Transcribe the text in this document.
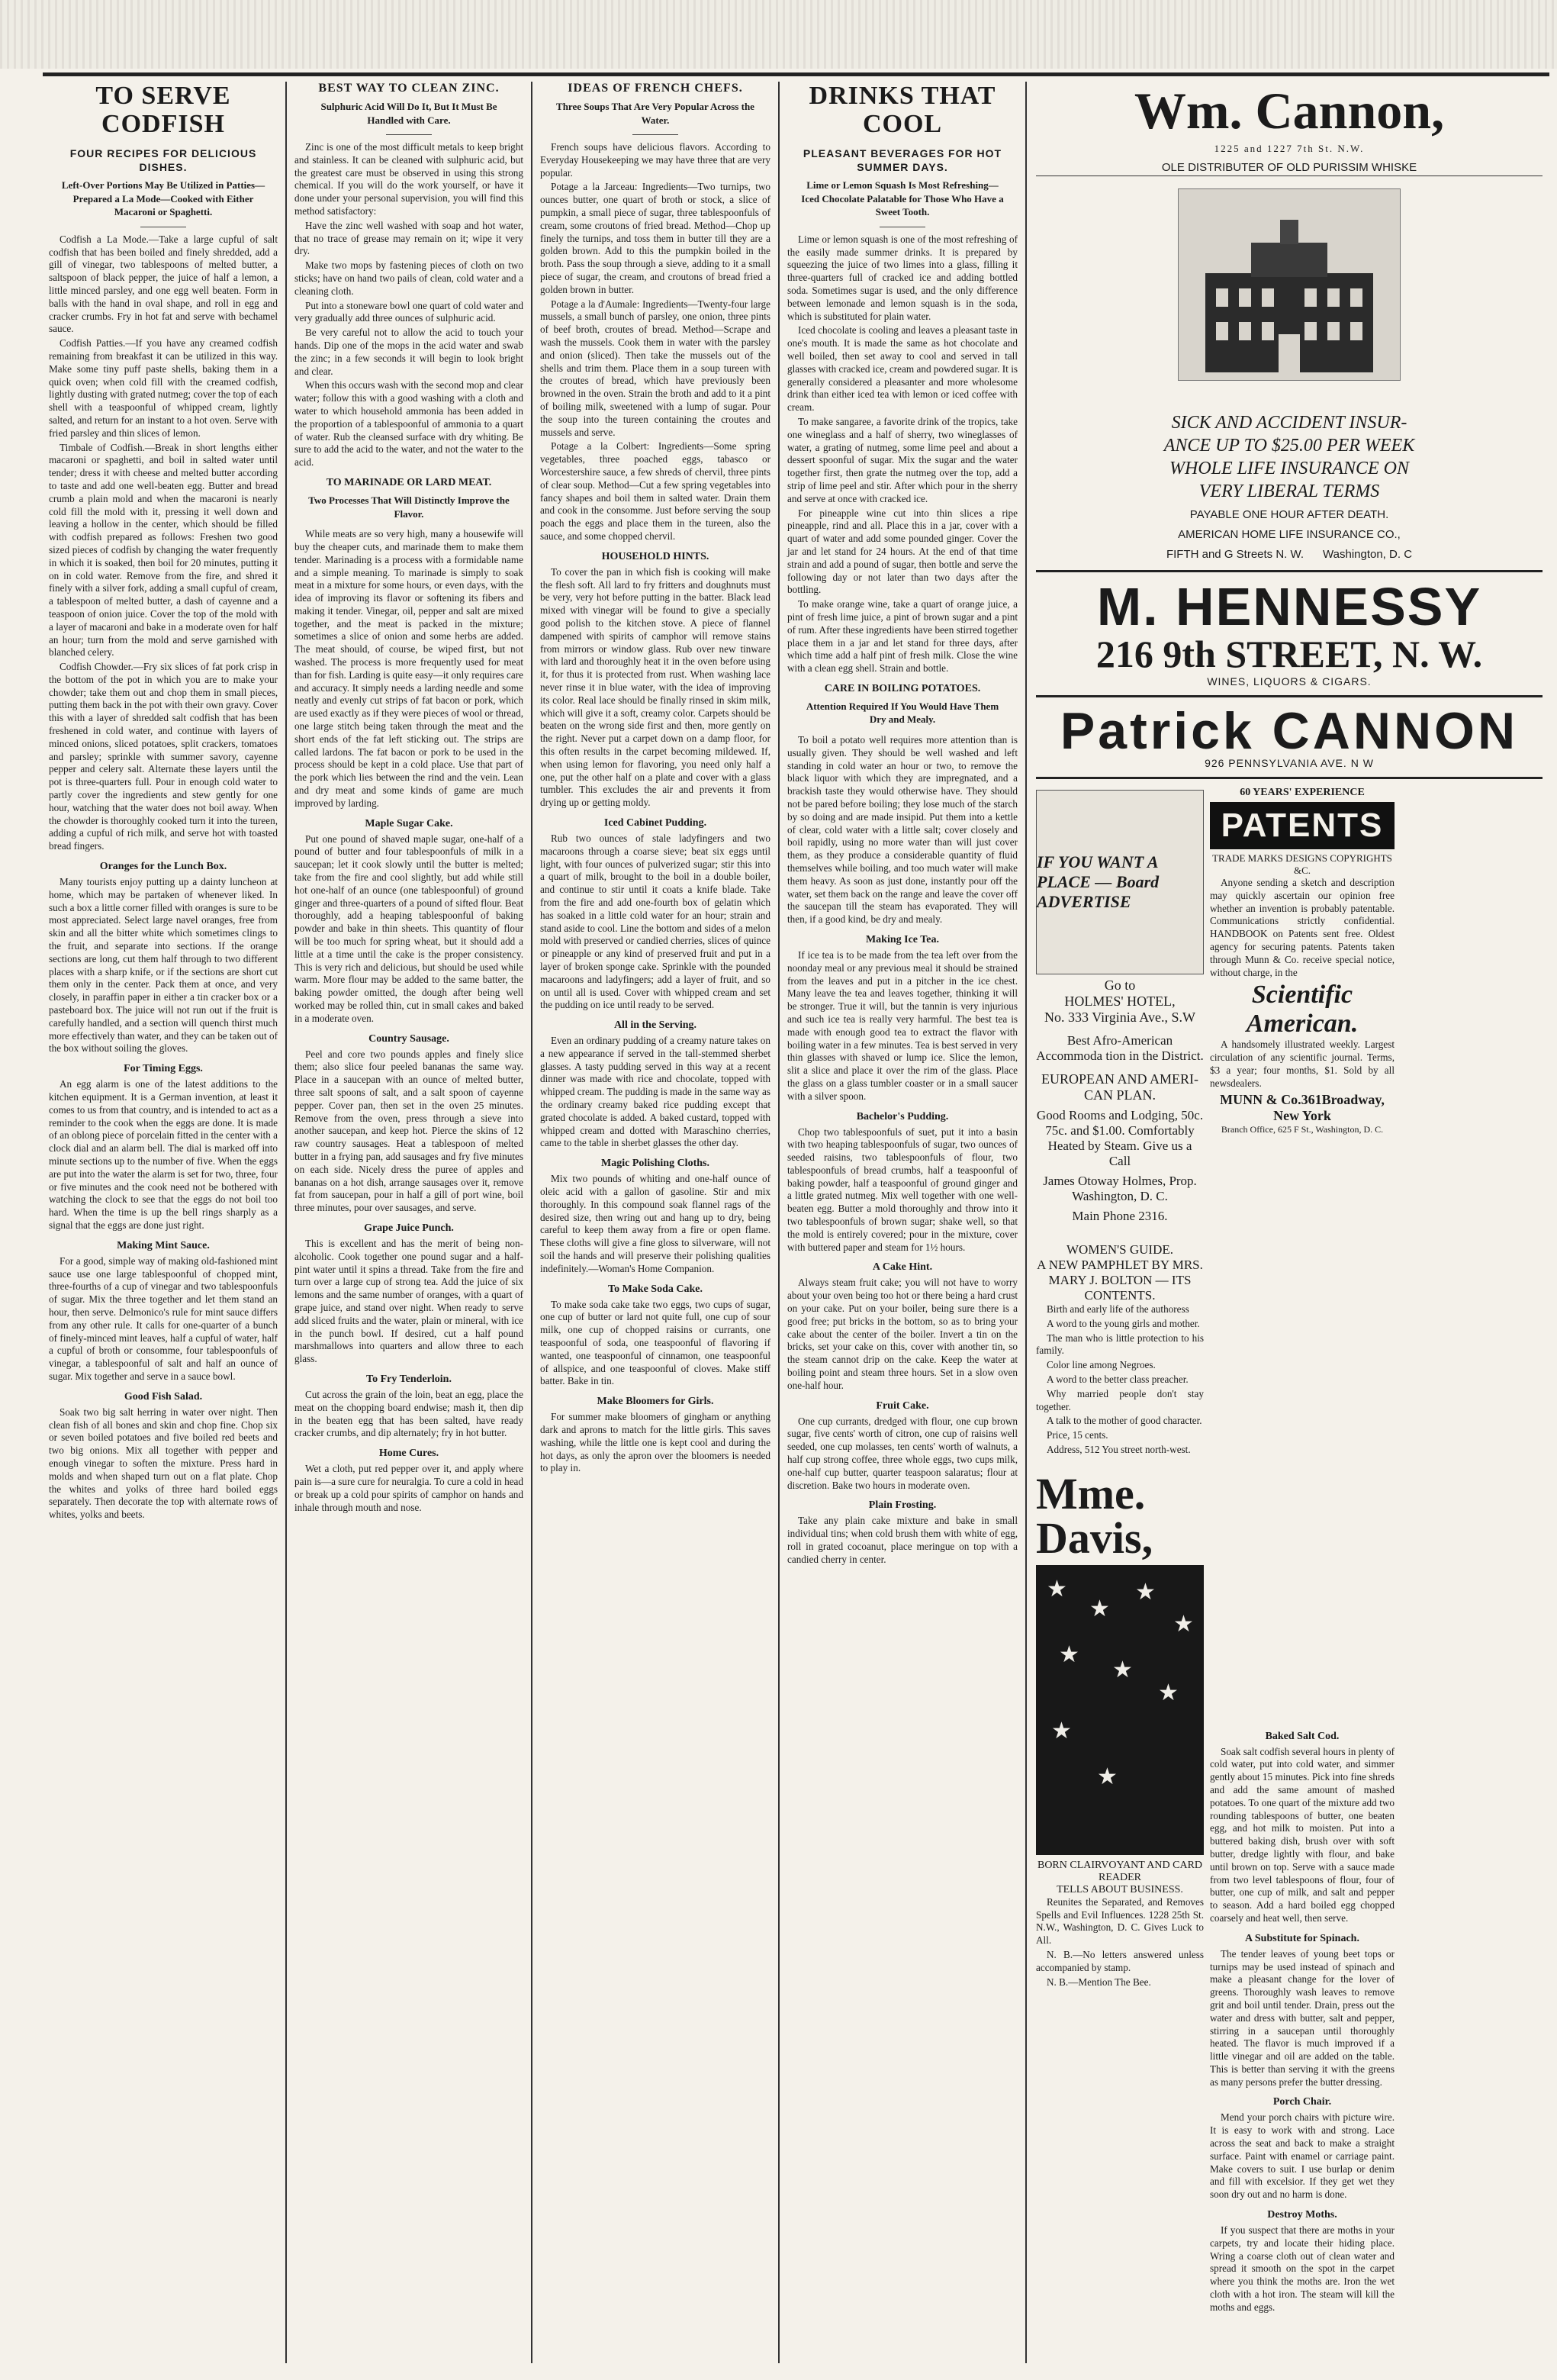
TO SERVE CODFISH
FOUR RECIPES FOR DELICIOUS DISHES.
Left-Over Portions May Be Utilized in Patties—Prepared a La Mode—Cooked with Either Macaroni or Spaghetti.

Codfish a La Mode.—Take a large cupful of salt codfish that has been boiled and finely shredded, add a gill of vinegar, two tablespoons of melted butter, a saltspoon of black pepper, the juice of half a lemon, a little minced parsley, and one egg well beaten. Form in balls with the hand in oval shape, and roll in egg and cracker crumbs. Fry in hot fat and serve with bechamel sauce.

Codfish Patties.—If you have any creamed codfish remaining from breakfast it can be utilized in this way. Make some tiny puff paste shells, baking them in a quick oven; when cold fill with the creamed codfish, lightly dusting with grated nutmeg; cover the top of each shell with a teaspoonful of whipped cream, lightly salted, and return for an instant to a hot oven. Serve with fried parsley and thin slices of lemon.

Timbale of Codfish.—Break in short lengths either macaroni or spaghetti, and boil in salted water until tender; dress it with cheese and melted butter according to taste and add one well-beaten egg. Butter and bread crumb a plain mold and when the macaroni is nearly cold fill the mold with it, pressing it well down and leaving a hollow in the center, which should be filled with codfish prepared as follows: Freshen two good sized pieces of codfish by changing the water frequently in which it is soaked, then boil for 20 minutes, putting it on in cold water. Remove from the fire, and shred it finely with a silver fork, adding a small cupful of cream, a tablespoon of melted butter, a dash of cayenne and a teaspoon of onion juice. Cover the top of the mold with a layer of macaroni and bake in a moderate oven for half an hour; turn from the mold and serve garnished with blanched celery.

Codfish Chowder.—Fry six slices of fat pork crisp in the bottom of the pot in which you are to make your chowder; take them out and chop them in small pieces, putting them back in the pot with their own gravy. Cover this with a layer of shredded salt codfish that has been freshened in cold water, and continue with layers of minced onions, sliced potatoes, split crackers, tomatoes and parsley; sprinkle with summer savory, cayenne pepper and celery salt. Alternate these layers until the pot is three-quarters full. Pour in enough cold water to partly cover the ingredients and stew gently for one hour, watching that the water does not boil away. When the chowder is thoroughly cooked turn it into the tureen, adding a cupful of rich milk, and serve hot with toasted bread fingers.

Oranges for the Lunch Box.

Many tourists enjoy putting up a dainty luncheon at home, which may be partaken of whenever liked. In such a box a little corner filled with oranges is sure to be most appreciated. Select large navel oranges, free from skin and all the bitter white which sometimes clings to the fruit, and separate into sections. If the orange sections are long, cut them half through to two different places with a sharp knife, or if the sections are short cut them only in the center. Pack them at once, and very closely, in paraffin paper in either a tin cracker box or a pasteboard box. The juice will not run out if the fruit is carefully handled, and a section will quench thirst much more effectively than water, and they can be taken out of the box without soiling the gloves.

For Timing Eggs.

An egg alarm is one of the latest additions to the kitchen equipment. It is a German invention, at least it comes to us from that country, and is intended to act as a reminder to the cook when the eggs are done. It is made of an oblong piece of porcelain fitted in the center with a clock dial and an alarm bell. The dial is marked off into minute sections up to the number of five. When the eggs are put into the water the alarm is set for two, three, four or five minutes and the cook need not be bothered with watching the clock to see that the eggs do not boil too hard. When the time is up the bell rings sharply as a signal that the eggs are done just right.

Making Mint Sauce.

For a good, simple way of making old-fashioned mint sauce use one large tablespoonful of chopped mint, three-fourths of a cup of vinegar and two tablespoonfuls of sugar. Mix the three together and let them stand an hour, then serve. Delmonico's rule for mint sauce differs from any other rule. It calls for one-quarter of a bunch of finely-minced mint leaves, half a cupful of water, half a cupful of broth or consomme, four tablespoonfuls of vinegar, a tablespoonful of salt and half an ounce of sugar. Mix together and serve in a sauce bowl.

Good Fish Salad.

Soak two big salt herring in water over night. Then clean fish of all bones and skin and chop fine. Chop six or seven boiled potatoes and five boiled red beets and two big onions. Mix all together with pepper and enough vinegar to soften the mixture. Press hard in molds and when shaped turn out on a flat plate. Chop the whites and yolks of three hard boiled eggs separately. Then decorate the top with alternate rows of whites, yolks and beets.

BEST WAY TO CLEAN ZINC.
Sulphuric Acid Will Do It, But It Must Be Handled with Care.

Zinc is one of the most difficult metals to keep bright and stainless. It can be cleaned with sulphuric acid, but the greatest care must be observed in using this strong chemical. If you will do the work yourself, or have it done under your personal supervision, you will find this method satisfactory:

Have the zinc well washed with soap and hot water, that no trace of grease may remain on it; wipe it very dry.

Make two mops by fastening pieces of cloth on two sticks; have on hand two pails of clean, cold water and a cleaning cloth.

Put into a stoneware bowl one quart of cold water and very gradually add three ounces of sulphuric acid.

Be very careful not to allow the acid to touch your hands. Dip one of the mops in the acid water and swab the zinc; in a few seconds it will begin to look bright and clear.

When this occurs wash with the second mop and clear water; follow this with a good washing with a cloth and water to which household ammonia has been added in the proportion of a tablespoonful of ammonia to a quart of water. Rub the cleansed surface with dry whiting. Be sure to add the acid to the water, and not the water to the acid.

TO MARINADE OR LARD MEAT.
Two Processes That Will Distinctly Improve the Flavor.

While meats are so very high, many a housewife will buy the cheaper cuts, and marinade them to make them tender. Marinading is a process with a formidable name and a simple meaning. To marinade is simply to soak meat in a mixture for some hours, or even days, with the idea of improving its flavor or softening its fibers and making it tender. Vinegar, oil, pepper and salt are mixed together, and the meat is packed in the mixture; sometimes a slice of onion and some herbs are added. The meat should, of course, be wiped first, but not washed. The process is more frequently used for meat than for fish. Larding is quite easy—it only requires care and accuracy. It simply needs a larding needle and some neatly and evenly cut strips of fat bacon or pork, which are used exactly as if they were pieces of wool or thread, one large stitch being taken through the meat and the short ends of the fat left sticking out. The strips are called lardons. The fat bacon or pork to be used in the process should be kept in a cold place. Use that part of the pork which lies between the rind and the vein. Lean and dry meat and some kinds of game are much improved by larding.

Maple Sugar Cake.

Put one pound of shaved maple sugar, one-half of a pound of butter and four tablespoonfuls of milk in a saucepan; let it cook slowly until the butter is melted; take from the fire and cool slightly, but add while still hot one-half of an ounce (one tablespoonful) of ground ginger and three-quarters of a pound of sifted flour. Beat thoroughly, add a heaping tablespoonful of baking powder and bake in thin sheets. This quantity of flour will be too much for spring wheat, but it should add a little at a time until the cake is the proper consistency. This is very rich and delicious, but should be used while warm. More flour may be added to the same batter, the baking powder omitted, the dough after being well worked may be rolled thin, cut in small cakes and baked in a moderate oven.

Country Sausage.

Peel and core two pounds apples and finely slice them; also slice four peeled bananas the same way. Place in a saucepan with an ounce of melted butter, three salt spoons of salt, and a salt spoon of cayenne pepper. Cover pan, then set in the oven 25 minutes. Remove from the oven, press through a sieve into another saucepan, and keep hot. Pierce the skins of 12 raw country sausages. Heat a tablespoon of melted butter in a frying pan, add sausages and fry five minutes on each side. Nicely dress the puree of apples and bananas on a hot dish, arrange sausages over it, remove fat from saucepan, pour in half a gill of port wine, boil three minutes, pour over sausages, and serve.

Grape Juice Punch.

This is excellent and has the merit of being non-alcoholic. Cook together one pound sugar and a half-pint water until it spins a thread. Take from the fire and turn over a large cup of strong tea. Add the juice of six lemons and the same number of oranges, with a quart of grape juice, and stand over night. When ready to serve add sliced fruits and the water, plain or mineral, with ice in the punch bowl. If desired, cut a half pound marshmallows into quarters and allow three to each glass.

To Fry Tenderloin.

Cut across the grain of the loin, beat an egg, place the meat on the chopping board endwise; mash it, then dip in the beaten egg that has been salted, have ready cracker crumbs, and dip alternately; fry in hot butter.

Home Cures.

Wet a cloth, put red pepper over it, and apply where pain is—a sure cure for neuralgia. To cure a cold in head or break up a cold pour spirits of camphor on hands and inhale through mouth and nose.

IDEAS OF FRENCH CHEFS.
Three Soups That Are Very Popular Across the Water.

French soups have delicious flavors. According to Everyday Housekeeping we may have three that are very popular.

Potage a la Jarceau: Ingredients—Two turnips, two ounces butter, one quart of broth or stock, a slice of pumpkin, a small piece of sugar, three tablespoonfuls of cream, some croutons of fried bread. Method—Chop up finely the turnips, and toss them in butter till they are a golden brown. Add to this the pumpkin boiled in the broth. Pass the soup through a sieve, adding to it a small piece of sugar, the cream, and croutons of bread fried a golden brown in butter.

Potage a la d'Aumale: Ingredients—Twenty-four large mussels, a small bunch of parsley, one onion, three pints of beef broth, croutes of bread. Method—Scrape and wash the mussels. Cook them in water with the parsley and onion (sliced). Then take the mussels out of the shells and trim them. Place them in a soup tureen with the croutes of bread, which have previously been browned in the oven. Strain the broth and add to it a pint of boiling milk, sweetened with a lump of sugar. Pour the soup into the tureen containing the croutes and mussels and serve.

Potage a la Colbert: Ingredients—Some spring vegetables, three poached eggs, tabasco or Worcestershire sauce, a few shreds of chervil, three pints of clear soup. Method—Cut a few spring vegetables into fancy shapes and boil them in salted water. Drain them and cook in the consomme. Just before serving the soup poach the eggs and place them in the tureen, also the sauce, and some chopped chervil.

HOUSEHOLD HINTS.

To cover the pan in which fish is cooking will make the flesh soft. All lard to fry fritters and doughnuts must be very, very hot before putting in the batter. Black lead mixed with vinegar will be found to give a specially good polish to the kitchen stove. A piece of flannel dampened with spirits of camphor will remove stains from mirrors or window glass. Rub over new tinware with lard and thoroughly heat it in the oven before using it, for thus it is protected from rust. When washing lace never rinse it in blue water, with the idea of improving its color. Real lace should be finally rinsed in skim milk, which will give it a soft, creamy color. Carpets should be beaten on the wrong side first and then, more gently on the right. Never put a carpet down on a damp floor, for this often results in the carpet becoming mildewed. If, when using lemon for flavoring, you need only half a one, put the other half on a plate and cover with a glass tumbler. This excludes the air and prevents it from drying up or getting moldy.

Iced Cabinet Pudding.

Rub two ounces of stale ladyfingers and two macaroons through a coarse sieve; beat six eggs until light, with four ounces of pulverized sugar; stir this into a quart of milk, brought to the boil in a double boiler, and continue to stir until it coats a knife blade. Take from the fire and add one-fourth box of gelatin which has soaked in a little cold water for an hour; strain and stand aside to cool. Line the bottom and sides of a melon mold with preserved or candied cherries, slices of quince or pineapple or any kind of preserved fruit and put in a layer of broken sponge cake. Sprinkle with the pounded macaroons and ladyfingers; add a layer of fruit, and so on until all is used. Cover with whipped cream and set the pudding on ice until ready to be served.

All in the Serving.

Even an ordinary pudding of a creamy nature takes on a new appearance if served in the tall-stemmed sherbet glasses. A tasty pudding served in this way at a recent dinner was made with rice and chocolate, topped with whipped cream. The pudding is made in the same way as the ordinary creamy baked rice pudding except that grated chocolate is added. A baked custard, topped with whipped cream and dotted with Maraschino cherries, came to the table in sherbet glasses the other day.

Magic Polishing Cloths.

Mix two pounds of whiting and one-half ounce of oleic acid with a gallon of gasoline. Stir and mix thoroughly. In this compound soak flannel rags of the desired size, then wring out and hang up to dry, being careful to keep them away from a fire or open flame. These cloths will give a fine gloss to silverware, will not soil the hands and will preserve their polishing qualities indefinitely.—Woman's Home Companion.

To Make Soda Cake.

To make soda cake take two eggs, two cups of sugar, one cup of butter or lard not quite full, one cup of sour milk, one cup of chopped raisins or currants, one teaspoonful of soda, one teaspoonful of flavoring if wanted, one teaspoonful of cinnamon, one teaspoonful of allspice, and one teaspoonful of cloves. Make stiff batter. Bake in tin.

Make Bloomers for Girls.

For summer make bloomers of gingham or anything dark and aprons to match for the little girls. This saves washing, while the little one is kept cool and during the hot days, as only the apron over the bloomers is needed to play in.

DRINKS THAT COOL
PLEASANT BEVERAGES FOR HOT SUMMER DAYS.
Lime or Lemon Squash Is Most Refreshing—Iced Chocolate Palatable for Those Who Have a Sweet Tooth.

Lime or lemon squash is one of the most refreshing of the easily made summer drinks. It is prepared by squeezing the juice of two limes into a glass, filling it three-quarters full of cracked ice and adding bottled soda. Sometimes sugar is used, and the only difference between lemonade and lemon squash is in the soda, which is substituted for plain water.

Iced chocolate is cooling and leaves a pleasant taste in one's mouth. It is made the same as hot chocolate and well boiled, then set away to cool and served in tall glasses with cracked ice, cream and powdered sugar. It is generally considered a pleasanter and more wholesome drink than either iced tea with lemon or iced coffee with cream.

To make sangaree, a favorite drink of the tropics, take one wineglass and a half of sherry, two wineglasses of water, a grating of nutmeg, some lime peel and about a dessert spoonful of sugar. Mix the sugar and the water together first, then grate the nutmeg over the top, add a strip of lime peel and stir. After which pour in the sherry and serve at once with cracked ice.

For pineapple wine cut into thin slices a ripe pineapple, rind and all. Place this in a jar, cover with a quart of water and add some pounded ginger. Cover the jar and let stand for 24 hours. At the end of that time strain and add a pound of sugar, then bottle and serve the following day or not later than two days after the bottling.

To make orange wine, take a quart of orange juice, a pint of fresh lime juice, a pint of brown sugar and a pint of rum. After these ingredients have been stirred together place them in a jar and let stand for three days, after which time add a half pint of fresh milk. Close the wine with a clean egg shell. Strain and bottle.

CARE IN BOILING POTATOES.
Attention Required If You Would Have Them Dry and Mealy.

To boil a potato well requires more attention than is usually given. They should be well washed and left standing in cold water an hour or two, to remove the black liquor with which they are impregnated, and a brackish taste they would otherwise have. They should not be pared before boiling; they lose much of the starch by so doing and are made insipid. Put them into a kettle of clear, cold water with a little salt; cover closely and boil rapidly, using no more water than will just cover them, as they produce a considerable quantity of fluid themselves while boiling, and too much water will make them heavy. As soon as just done, instantly pour off the water, set them back on the range and leave the cover off the saucepan till the steam has evaporated. They will then, if a good kind, be dry and mealy.

Making Ice Tea.

If ice tea is to be made from the tea left over from the noonday meal or any previous meal it should be strained from the leaves and put in a pitcher in the ice chest. Many leave the tea and leaves together, thinking it will be stronger. True it will, but the tannin is very injurious and such ice tea is really very harmful. The best tea is made with enough good tea to extract the flavor with boiling water in a few minutes. Tea is best served in very thin glasses with shaved or lump ice. Slice the lemon, slit a slice and place it over the rim of the glass. Place the glass on a glass tumbler coaster or in a small saucer with a silver spoon.

Bachelor's Pudding.

Chop two tablespoonfuls of suet, put it into a basin with two heaping tablespoonfuls of sugar, two ounces of seeded raisins, two tablespoonfuls of flour, two tablespoonfuls of bread crumbs, half a teaspoonful of baking powder, half a teaspoonful of ground ginger and a little grated nutmeg. Mix well together with one well-beaten egg. Butter a mold thoroughly and throw into it two tablespoonfuls of brown sugar; shake well, so that the mold is entirely covered; pour in the mixture, cover with buttered paper and steam for 1½ hours.

A Cake Hint.

Always steam fruit cake; you will not have to worry about your oven being too hot or there being a hard crust on your cake. Put on your boiler, being sure there is a good free; put bricks in the bottom, so as to bring your cake about the center of the boiler. Invert a tin on the bricks, set your cake on this, cover with another tin, so the steam cannot drip on the cake. Keep the water at boiling point and steam three hours. Set in a slow oven one-half hour.

Fruit Cake.

One cup currants, dredged with flour, one cup brown sugar, five cents' worth of citron, one cup of raisins well seeded, one cup molasses, ten cents' worth of walnuts, a half cup strong coffee, three whole eggs, two cups milk, one-half cup butter, quarter teaspoon salaratus; flour at discretion. Bake two hours in moderate oven.

Plain Frosting.

Take any plain cake mixture and bake in small individual tins; when cold brush them with white of egg, roll in grated cocoanut, place meringue on top with a candied cherry in center.

Wm. Cannon,
1225 and 1227 7th St. N.W.
OLE DISTRIBUTER OF OLD PURISSIM WHISKE
SICK AND ACCIDENT INSUR-
ANCE UP TO $25.00 PER WEEK
WHOLE LIFE INSURANCE ON
VERY LIBERAL TERMS
PAYABLE ONE HOUR AFTER DEATH.
AMERICAN HOME LIFE INSURANCE CO.,
FIFTH and G Streets N. W. Washington, D. C
M. HENNESSY
216 9th STREET, N. W.
WINES, LIQUORS & CIGARS.
Patrick CANNON
926 PENNSYLVANIA AVE. N W
IF YOU WANT A PLACE — Board ADVERTISE
Go to
HOLMES' HOTEL,
No. 333 Virginia Ave., S.W
Best Afro-American Accommoda tion in the District.
EUROPEAN AND AMERI-CAN PLAN.
Good Rooms and Lodging, 50c. 75c. and $1.00. Comfortably Heated by Steam. Give us a Call
James Otoway Holmes, Prop. Washington, D. C.
Main Phone 2316.
WOMEN'S GUIDE.
A NEW PAMPHLET BY MRS. MARY J. BOLTON — ITS CONTENTS.

Birth and early life of the authoress

A word to the young girls and mother.

The man who is little protection to his family.

Color line among Negroes.

A word to the better class preacher.

Why married people don't stay together.

A talk to the mother of good character.

Price, 15 cents.

Address, 512 You street north-west.

Mme. Davis,
★
★
★
★
★
★
★
★
★
BORN CLAIRVOYANT AND CARD READER
TELLS ABOUT BUSINESS.

Reunites the Separated, and Removes Spells and Evil Influences. 1228 25th St. N.W., Washington, D. C. Gives Luck to All.

N. B.—No letters answered unless accompanied by stamp.

N. B.—Mention The Bee.

60 YEARS' EXPERIENCE
PATENTS
TRADE MARKS DESIGNS COPYRIGHTS &C.

Anyone sending a sketch and description may quickly ascertain our opinion free whether an invention is probably patentable. Communications strictly confidential. HANDBOOK on Patents sent free. Oldest agency for securing patents. Patents taken through Munn & Co. receive special notice, without charge, in the

Scientific American.

A handsomely illustrated weekly. Largest circulation of any scientific journal. Terms, $3 a year; four months, $1. Sold by all newsdealers.

MUNN & Co.361Broadway, New York
Branch Office, 625 F St., Washington, D. C.
Baked Salt Cod.

Soak salt codfish several hours in plenty of cold water, put into cold water, and simmer gently about 15 minutes. Pick into fine shreds and add the same amount of mashed potatoes. To one quart of the mixture add two rounding tablespoons of butter, one beaten egg, and hot milk to moisten. Put into a buttered baking dish, brush over with soft butter, dredge lightly with flour, and bake until brown on top. Serve with a sauce made from two level tablespoons of flour, four of butter, one cup of milk, and salt and pepper to season. Add a hard boiled egg chopped coarsely and heat well, then serve.

A Substitute for Spinach.

The tender leaves of young beet tops or turnips may be used instead of spinach and make a pleasant change for the lover of greens. Thoroughly wash leaves to remove grit and boil until tender. Drain, press out the water and dress with butter, salt and pepper, stirring in a saucepan until thoroughly heated. The flavor is much improved if a little vinegar and oil are added on the table. This is better than serving it with the greens as many persons prefer the butter dressing.

Porch Chair.

Mend your porch chairs with picture wire. It is easy to work with and strong. Lace across the seat and back to make a straight surface. Paint with enamel or carriage paint. Make covers to suit. I use burlap or denim and fill with excelsior. If they get wet they soon dry out and no harm is done.

Destroy Moths.

If you suspect that there are moths in your carpets, try and locate their hiding place. Wring a coarse cloth out of clean water and spread it smooth on the spot in the carpet where you think the moths are. Iron the wet cloth with a hot iron. The steam will kill the moths and eggs.
